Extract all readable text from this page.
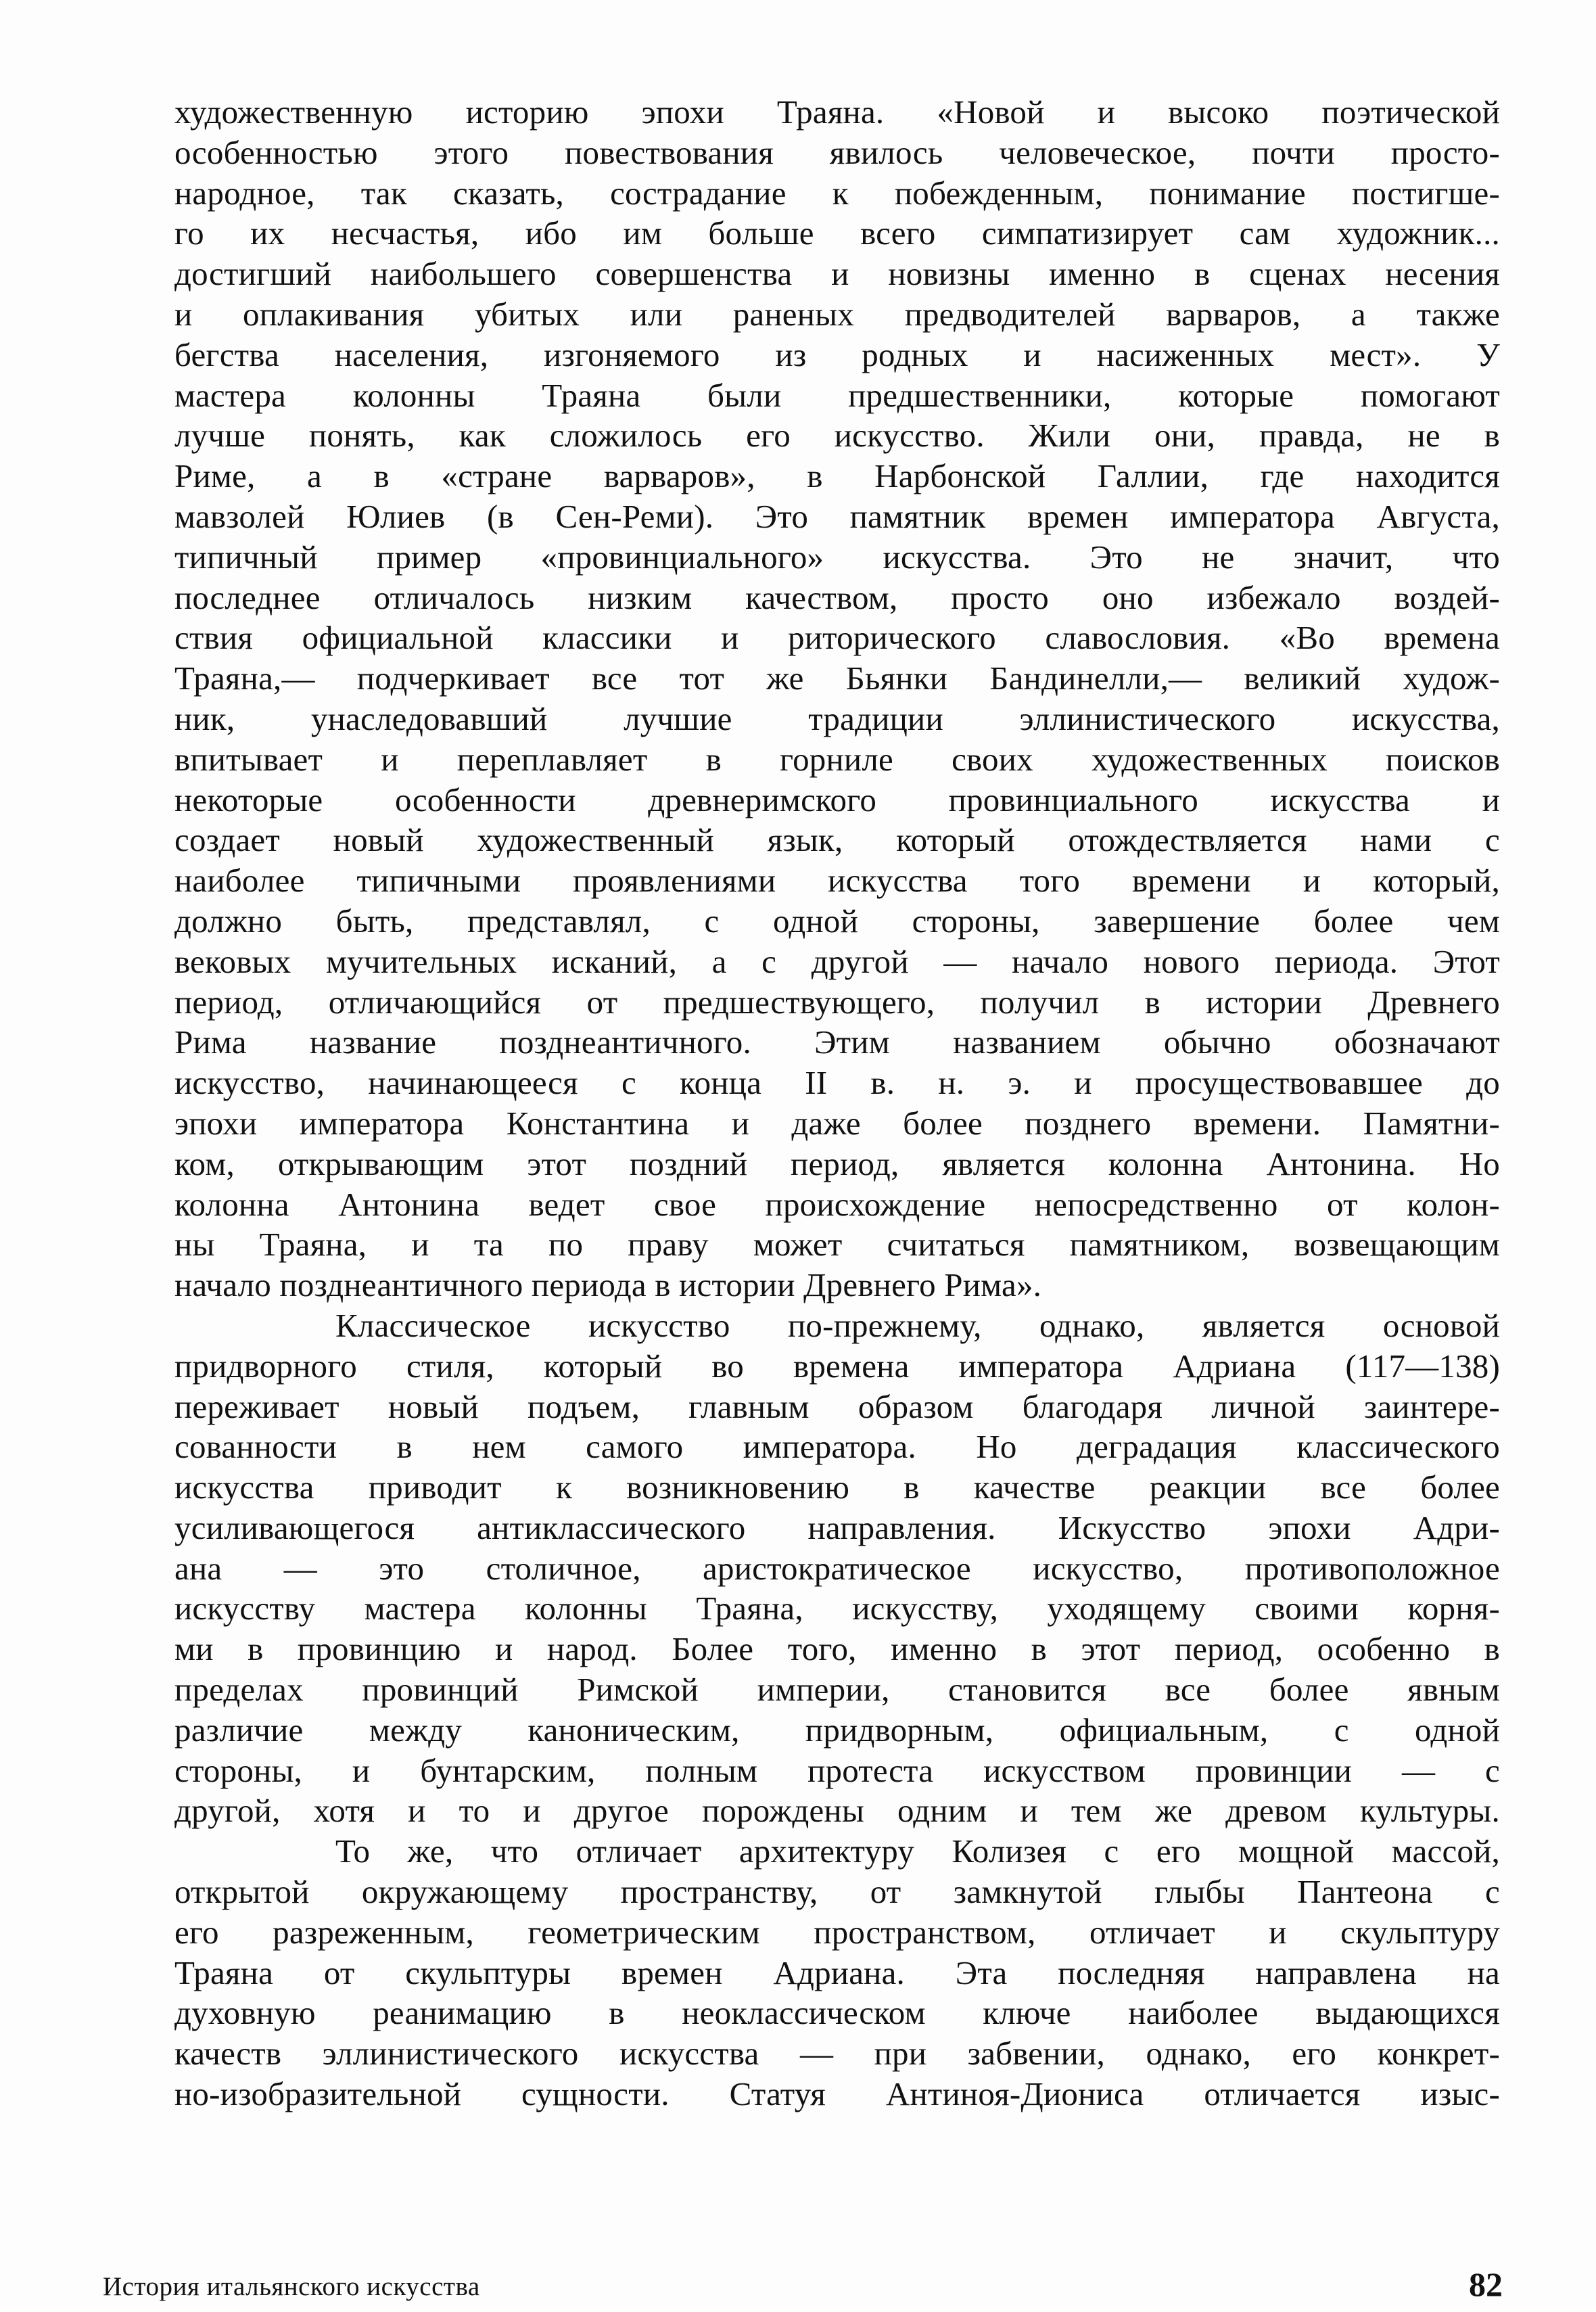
художественную историю эпохи Траяна. «Новой и высоко поэтической
особенностью этого повествования явилось человеческое, почти просто-
народное, так сказать, сострадание к побежденным, понимание постигше-
го их несчастья, ибо им больше всего симпатизирует сам художник...
достигший наибольшего совершенства и новизны именно в сценах несения
и оплакивания убитых или раненых предводителей варваров, а также
бегства населения, изгоняемого из родных и насиженных мест». У
мастера колонны Траяна были предшественники, которые помогают
лучше понять, как сложилось его искусство. Жили они, правда, не в
Риме, а в «стране варваров», в Нарбонской Галлии, где находится
мавзолей Юлиев (в Сен-Реми). Это памятник времен императора Августа,
типичный пример «провинциального» искусства. Это не значит, что
последнее отличалось низким качеством, просто оно избежало воздей-
ствия официальной классики и риторического славословия. «Во времена
Траяна,— подчеркивает все тот же Бьянки Бандинелли,— великий худож-
ник, унаследовавший лучшие традиции эллинистического искусства,
впитывает и переплавляет в горниле своих художественных поисков
некоторые особенности древнеримского провинциального искусства и
создает новый художественный язык, который отождествляется нами с
наиболее типичными проявлениями искусства того времени и который,
должно быть, представлял, с одной стороны, завершение более чем
вековых мучительных исканий, а с другой — начало нового периода. Этот
период, отличающийся от предшествующего, получил в истории Древнего
Рима название позднеантичного. Этим названием обычно обозначают
искусство, начинающееся с конца II в. н. э. и просуществовавшее до
эпохи императора Константина и даже более позднего времени. Памятни-
ком, открывающим этот поздний период, является колонна Антонина. Но
колонна Антонина ведет свое происхождение непосредственно от колон-
ны Траяна, и та по праву может считаться памятником, возвещающим
начало позднеантичного периода в истории Древнего Рима».
Классическое искусство по-прежнему, однако, является основой
придворного стиля, который во времена императора Адриана (117—138)
переживает новый подъем, главным образом благодаря личной заинтере-
сованности в нем самого императора. Но деградация классического
искусства приводит к возникновению в качестве реакции все более
усиливающегося антиклассического направления. Искусство эпохи Адри-
ана — это столичное, аристократическое искусство, противоположное
искусству мастера колонны Траяна, искусству, уходящему своими корня-
ми в провинцию и народ. Более того, именно в этот период, особенно в
пределах провинций Римской империи, становится все более явным
различие между каноническим, придворным, официальным, с одной
стороны, и бунтарским, полным протеста искусством провинции — с
другой, хотя и то и другое порождены одним и тем же древом культуры.
То же, что отличает архитектуру Колизея с его мощной массой,
открытой окружающему пространству, от замкнутой глыбы Пантеона с
его разреженным, геометрическим пространством, отличает и скульптуру
Траяна от скульптуры времен Адриана. Эта последняя направлена на
духовную реанимацию в неоклассическом ключе наиболее выдающихся
качеств эллинистического искусства — при забвении, однако, его конкрет-
но-изобразительной сущности. Статуя Антиноя-Диониса отличается изыс-
История итальянского искусства	82
